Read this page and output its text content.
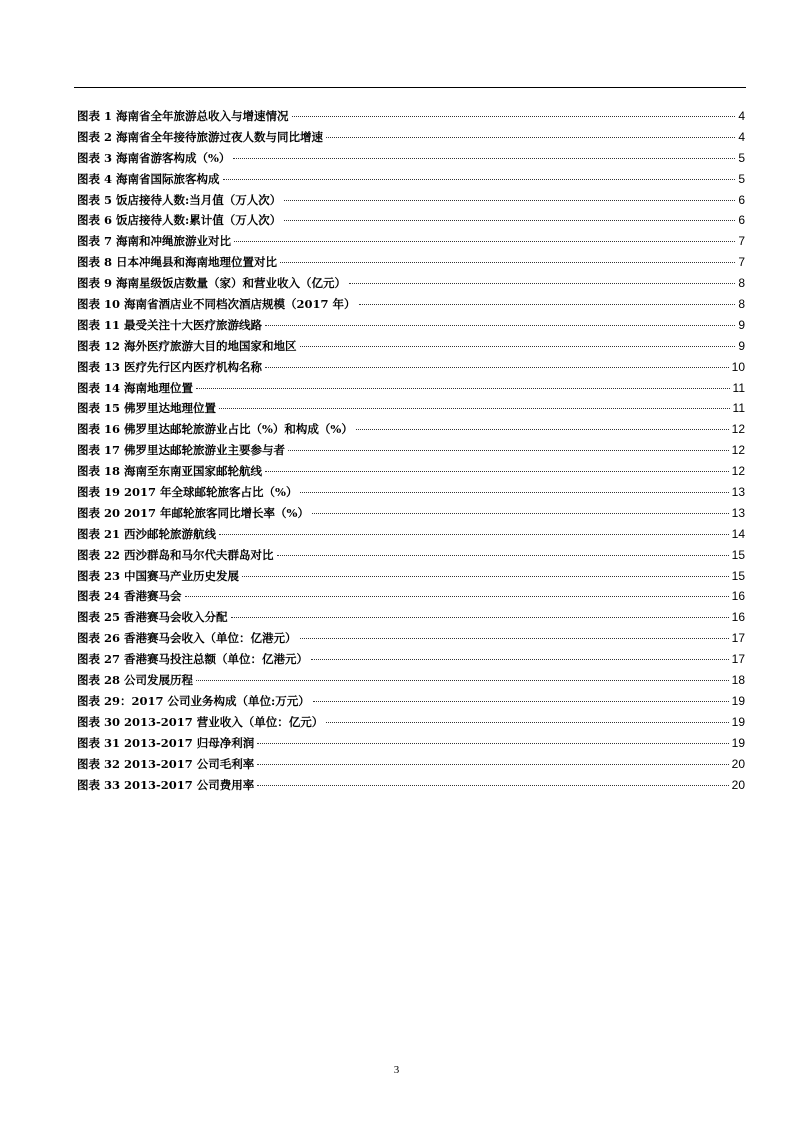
图表 1 海南省全年旅游总收入与增速情况	4
图表 2 海南省全年接待旅游过夜人数与同比增速	4
图表 3 海南省游客构成（%）	5
图表 4 海南省国际旅客构成	5
图表 5 饭店接待人数:当月值（万人次）	6
图表 6 饭店接待人数:累计值（万人次）	6
图表 7 海南和冲绳旅游业对比	7
图表 8 日本冲绳县和海南地理位置对比	7
图表 9 海南星级饭店数量（家）和营业收入（亿元）	8
图表 10 海南省酒店业不同档次酒店规模（2017 年）	8
图表 11 最受关注十大医疗旅游线路	9
图表 12 海外医疗旅游大目的地国家和地区	9
图表 13 医疗先行区内医疗机构名称	10
图表 14 海南地理位置	11
图表 15 佛罗里达地理位置	11
图表 16 佛罗里达邮轮旅游业占比（%）和构成（%）	12
图表 17 佛罗里达邮轮旅游业主要参与者	12
图表 18 海南至东南亚国家邮轮航线	12
图表 19 2017 年全球邮轮旅客占比（%）	13
图表 20 2017 年邮轮旅客同比增长率（%）	13
图表 21 西沙邮轮旅游航线	14
图表 22 西沙群岛和马尔代夫群岛对比	15
图表 23 中国赛马产业历史发展	15
图表 24 香港赛马会	16
图表 25 香港赛马会收入分配	16
图表 26 香港赛马会收入（单位：亿港元）	17
图表 27 香港赛马投注总额（单位：亿港元）	17
图表 28 公司发展历程	18
图表 29：2017 公司业务构成（单位:万元）	19
图表 30 2013-2017 营业收入（单位：亿元）	19
图表 31 2013-2017 归母净利润	19
图表 32 2013-2017 公司毛利率	20
图表 33 2013-2017 公司费用率	20
3
